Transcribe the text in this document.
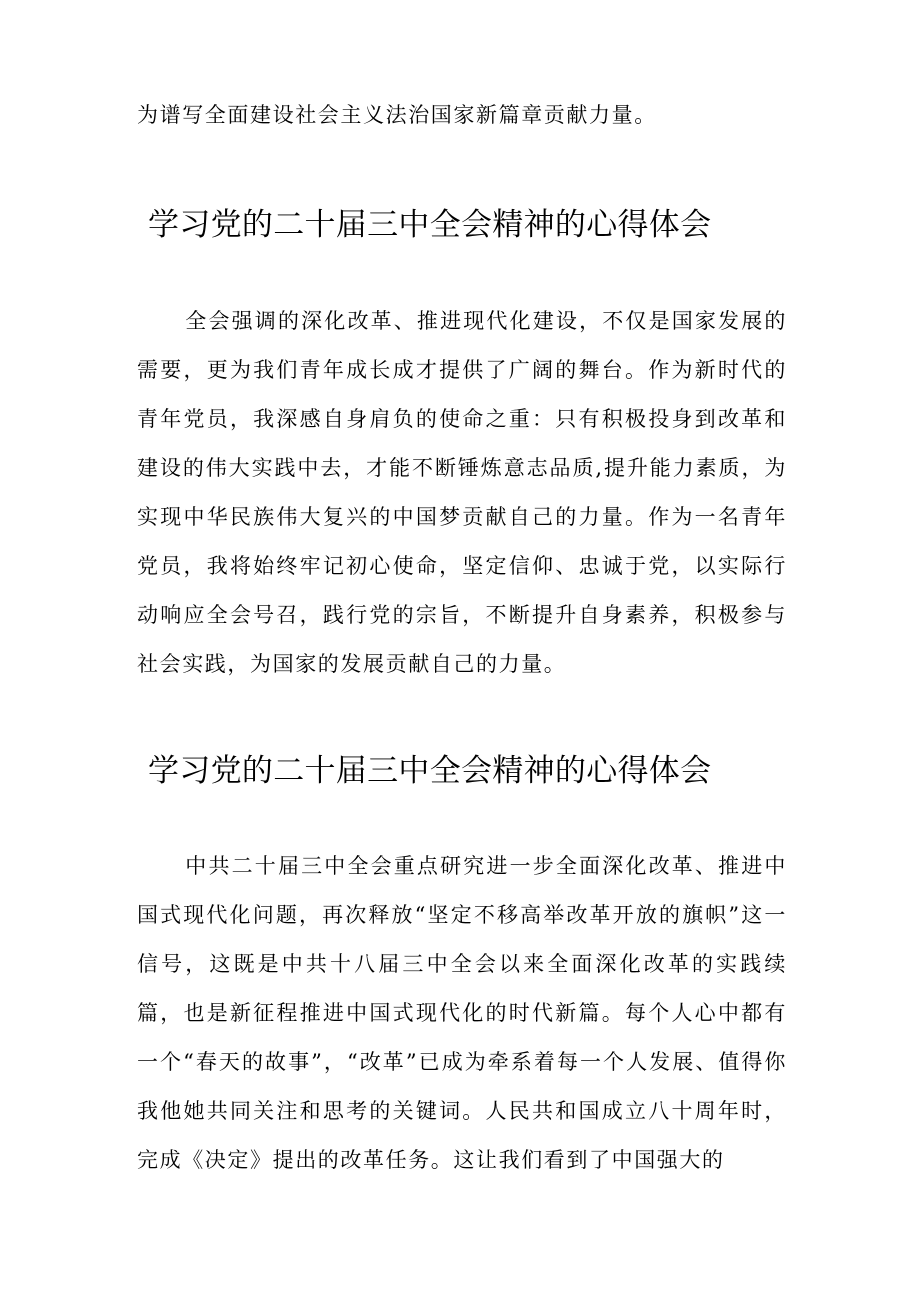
为谱写全面建设社会主义法治国家新篇章贡献力量。
学习党的二十届三中全会精神的心得体会

全会强调的深化改革、推进现代化建设，不仅是国家发展的需要，更为我们青年成长成才提供了广阔的舞台。作为新时代的青年党员，我深感自身肩负的使命之重：只有积极投身到改革和建设的伟大实践中去，才能不断锤炼意志品质,提升能力素质，为实现中华民族伟大复兴的中国梦贡献自己的力量。作为一名青年党员，我将始终牢记初心使命，坚定信仰、忠诚于党，以实际行动响应全会号召，践行党的宗旨，不断提升自身素养，积极参与社会实践，为国家的发展贡献自己的力量。

学习党的二十届三中全会精神的心得体会

中共二十届三中全会重点研究进一步全面深化改革、推进中国式现代化问题，再次释放“坚定不移高举改革开放的旗帜”这一信号，这既是中共十八届三中全会以来全面深化改革的实践续篇，也是新征程推进中国式现代化的时代新篇。每个人心中都有一个“春天的故事”，“改革”已成为牵系着每一个人发展、值得你我他她共同关注和思考的关键词。人民共和国成立八十周年时，完成《决定》提出的改革任务。这让我们看到了中国强大的
